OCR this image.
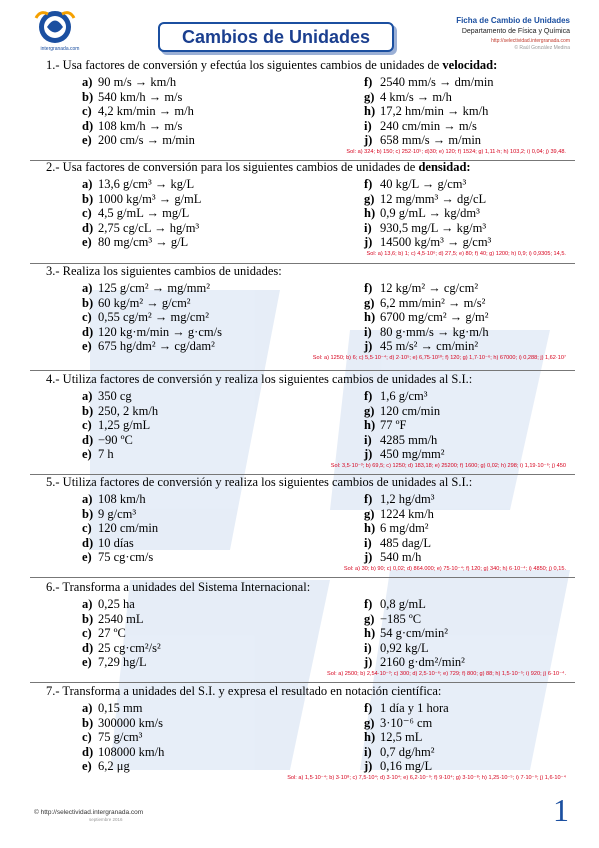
intergranada.com
Cambios de Unidades
Ficha de Cambio de Unidades
Departamento de Física y Química
http://selectividad.intergranada.com
© Raúl González Medina
1.- Usa factores de conversión y efectúa los siguientes cambios de unidades de velocidad:
a) 90 m/s → km/h	f) 2540 mm/s → dm/min
b) 540 km/h → m/s	g) 4 km/s → m/h
c) 4,2 km/min → m/h	h) 17,2 hm/min → km/h
d) 108 km/h → m/s	i) 240 cm/min → m/s
e) 200 cm/s → m/min	j) 658 mm/s → m/min
Sol: a) 324; b) 150; c) 252·10⁵; d)30; e) 120; f) 1524; g) 1,11·h; h) 103,2; i) 0,04; j) 39,48.
2.- Usa factores de conversión para los siguientes cambios de unidades de densidad:
a) 13,6 g/cm³ → kg/L	f) 40 kg/L → g/cm³
b) 1000 kg/m³ → g/mL	g) 12 mg/mm³ → dg/cL
c) 4,5 g/mL → mg/L	h) 0,9 g/mL → kg/dm³
d) 2,75 cg/cL → hg/m³	i) 930,5 mg/L → kg/m³
e) 80 mg/cm³ → g/L	j) 14500 kg/m³ → g/cm³
Sol: a) 13,6; b) 1; c) 4,5·10⁶; d) 27,5; e) 80; f) 40; g) 1200; h) 0,9; i) 0,9305; 14,5.
3.- Realiza los siguientes cambios de unidades:
a) 125 g/cm² → mg/mm²	f) 12 kg/m² → cg/cm²
b) 60 kg/m² → g/cm²	g) 6,2 mm/min² → m/s²
c) 0,55 cg/m² → mg/cm²	h) 6700 mg/cm² → g/m²
d) 120 kg·m/min → g·cm/s	i) 80 g·mm/s → kg·m/h
e) 675 hg/dm² → cg/dam²	j) 45 m/s² → cm/min²
Sol: a) 1250; b) 6; c) 5,5·10⁻⁴; d) 2·10⁵; e) 6,75·10¹⁰; f) 120; g) 1,7·10⁻⁶; h) 67000; i) 0,288; j) 1,62·10⁷
4.- Utiliza factores de conversión y realiza los siguientes cambios de unidades al S.I.:
a) 350 cg	f) 1,6 g/cm³
b) 250, 2 km/h	g) 120 cm/min
c) 1,25 g/mL	h) 77 ºF
d) −90 ºC	i) 4285 mm/h
e) 7 h	j) 450 mg/mm²
Sol: 3,5·10⁻³; b) 69,5; c) 1250; d) 183,18; e) 25200; f) 1600; g) 0,02; h) 298; i) 1,19·10⁻⁶; j) 450
5.- Utiliza factores de conversión y realiza los siguientes cambios de unidades al S.I.:
a) 108 km/h	f) 1,2 hg/dm³
b) 9 g/cm³	g) 1224 km/h
c) 120 cm/min	h) 6 mg/dm²
d) 10 días	i) 485 dag/L
e) 75 cg·cm/s	j) 540 m/h
Sol: a) 30; b) 90; c) 0,02; d) 864.000; e) 75·10⁻⁴; f) 120; g) 340; h) 6·10⁻⁴; i) 4850; j) 0,15.
6.- Transforma a unidades del Sistema Internacional:
a) 0,25 ha	f) 0,8 g/mL
b) 2540 mL	g) −185 ºC
c) 27 ºC	h) 54 g·cm/min²
d) 25 cg·cm²/s²	i) 0,92 kg/L
e) 7,29 hg/L	j) 2160 g·dm²/min²
Sol: a) 2500; b) 2,54·10⁻³; c) 300; d) 2,5·10⁻⁶; e) 729; f) 800; g) 88; h) 1,5·10⁻⁵; i) 920; j) 6·10⁻⁴.
7.- Transforma a unidades del S.I. y expresa el resultado en notación científica:
a) 0,15 mm	f) 1 día y 1 hora
b) 300000 km/s	g) 3·10⁻⁶ cm
c) 75 g/cm³	h) 12,5 mL
d) 108000 km/h	i) 0,7 dg/hm²
e) 6,2 μg	j) 0,16 mg/L
Sol: a) 1,5·10⁻⁴; b) 3·10⁸; c) 7,5·10⁴; d) 3·10⁴; e) 6,2·10⁻⁹; f) 9·10⁴; g) 3·10⁻⁸; h) 1,25·10⁻⁵; i) 7·10⁻⁹; j) 1,6·10⁻⁴
© http://selectividad.intergranada.com
septiembre 2016	1
